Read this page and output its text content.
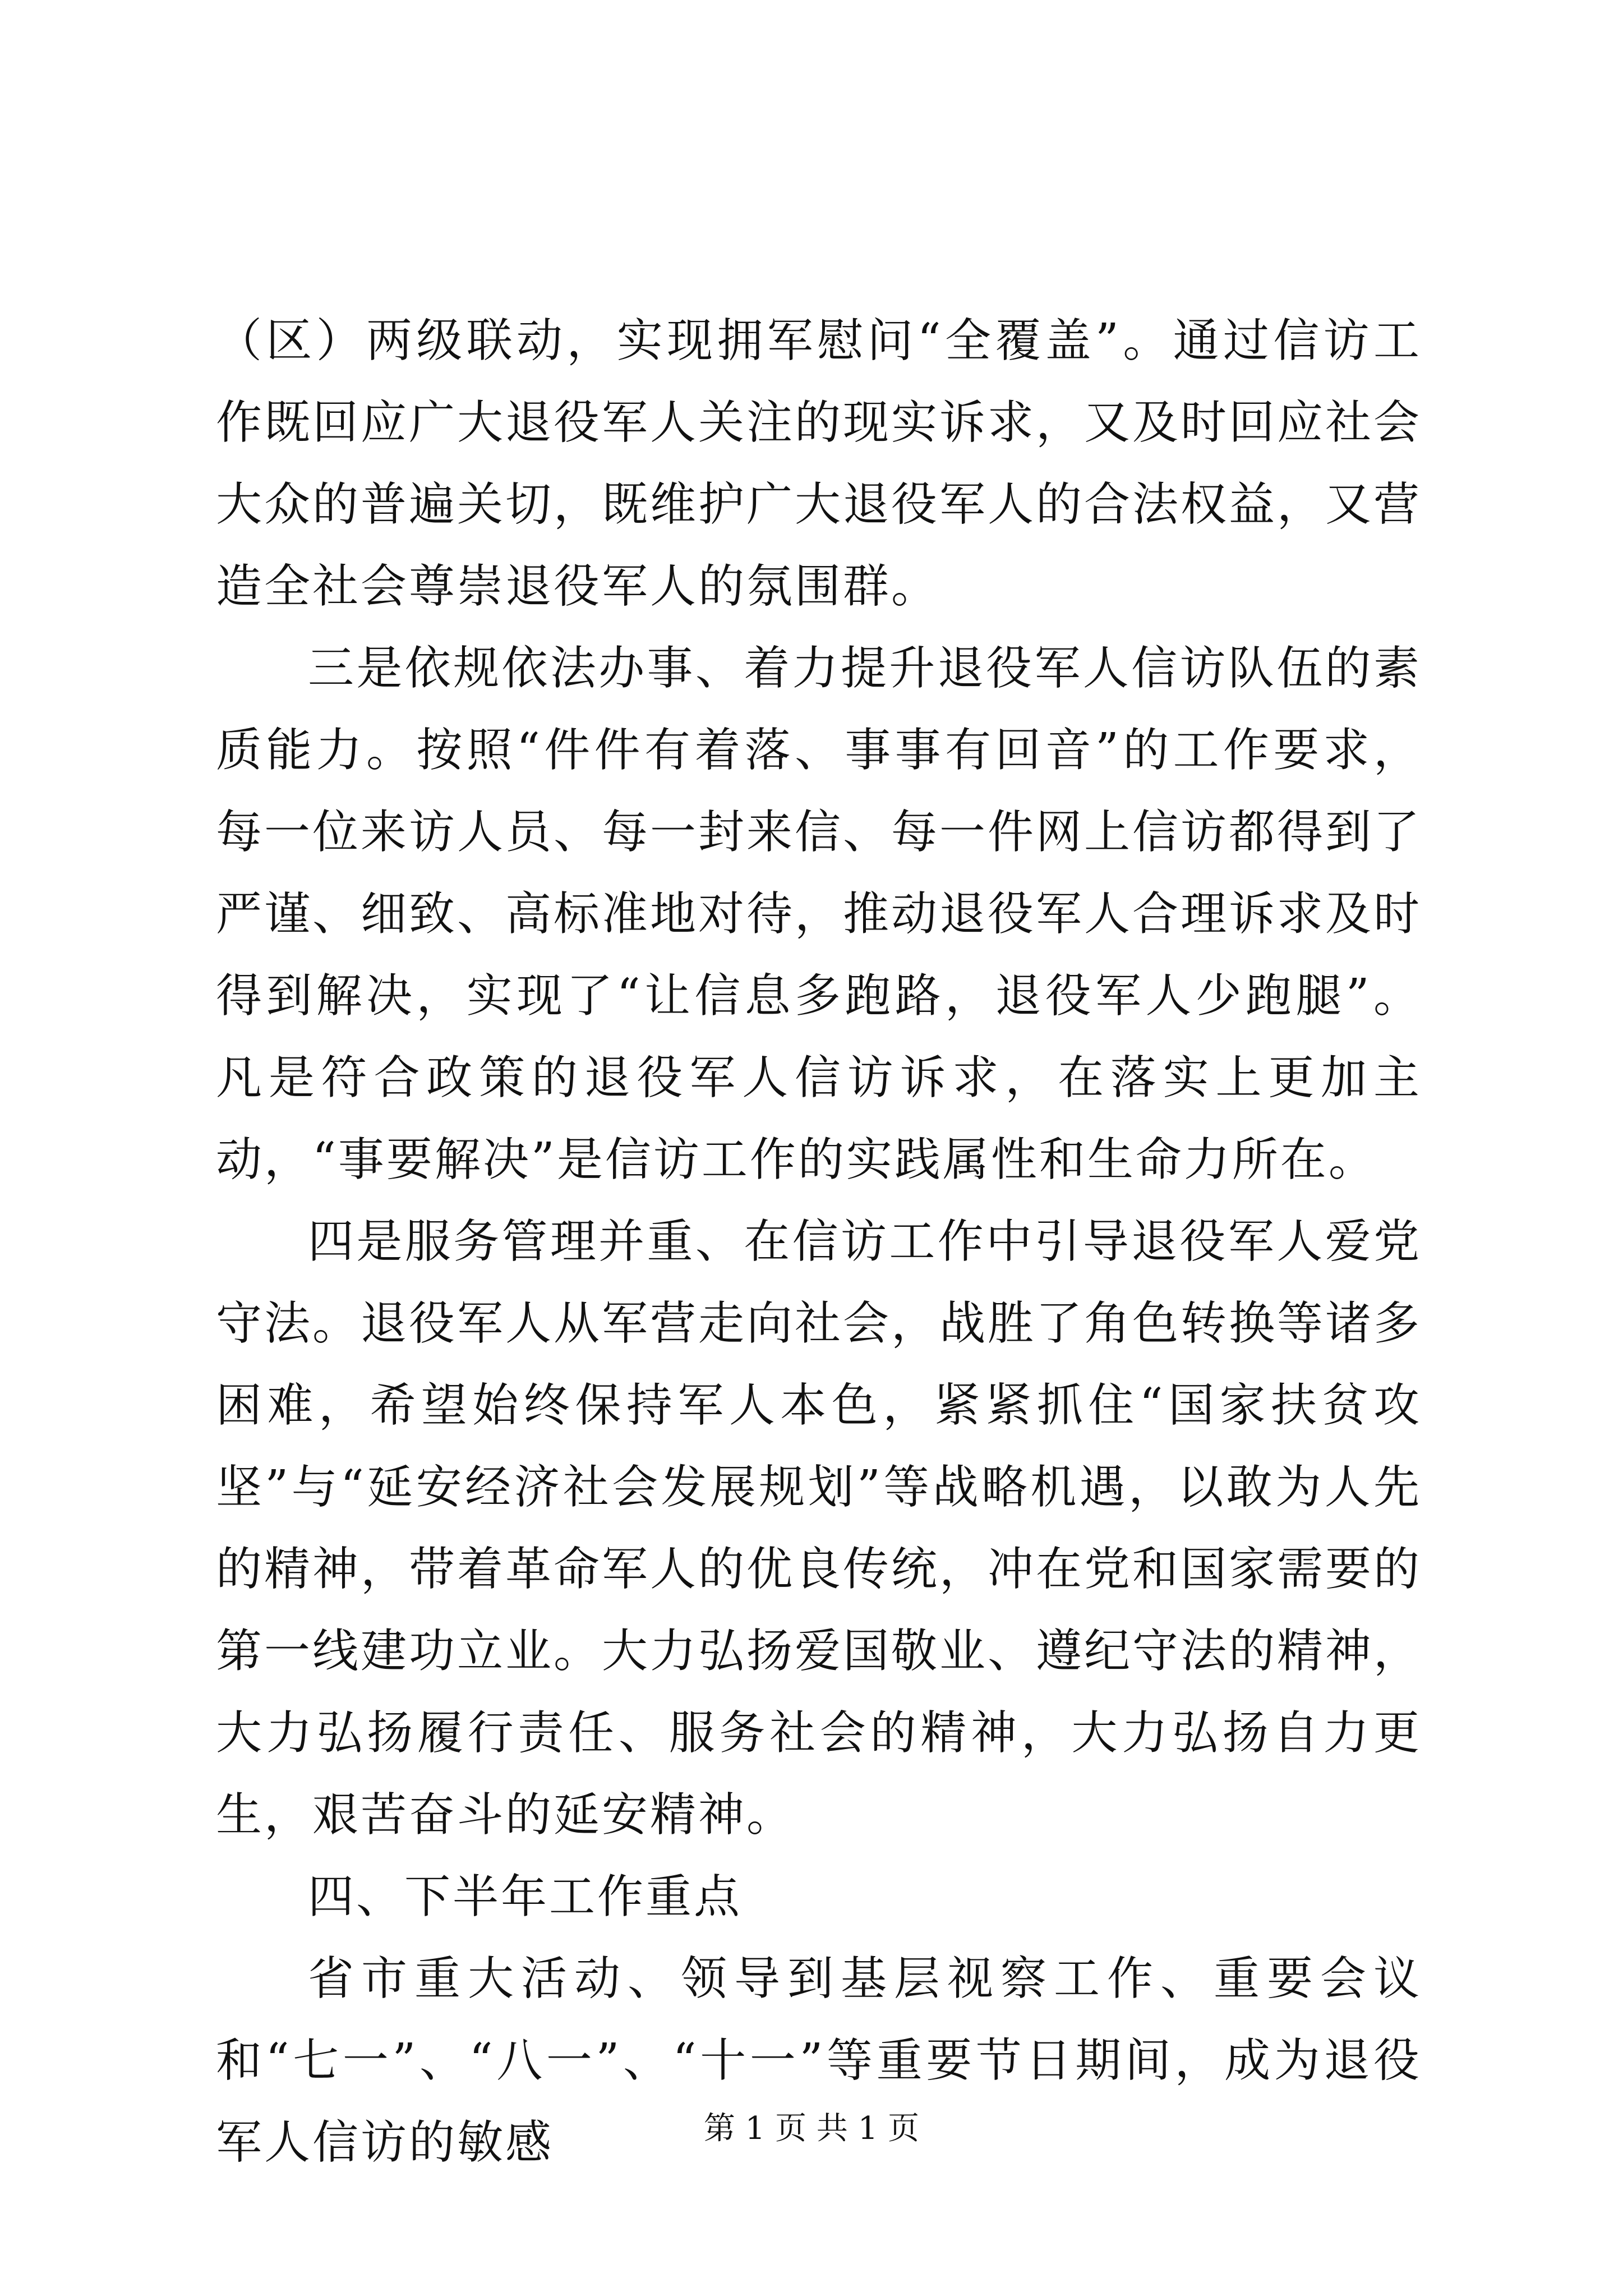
（区）两级联动，实现拥军慰问“全覆盖”。通过信访工作既回应广大退役军人关注的现实诉求，又及时回应社会大众的普遍关切，既维护广大退役军人的合法权益，又营造全社会尊崇退役军人的氛围群。

三是依规依法办事、着力提升退役军人信访队伍的素质能力。按照“件件有着落、事事有回音”的工作要求，每一位来访人员、每一封来信、每一件网上信访都得到了严谨、细致、高标准地对待，推动退役军人合理诉求及时得到解决，实现了“让信息多跑路，退役军人少跑腿”。凡是符合政策的退役军人信访诉求，在落实上更加主动，“事要解决”是信访工作的实践属性和生命力所在。

四是服务管理并重、在信访工作中引导退役军人爱党守法。退役军人从军营走向社会，战胜了角色转换等诸多困难，希望始终保持军人本色，紧紧抓住“国家扶贫攻坚”与“延安经济社会发展规划”等战略机遇，以敢为人先的精神，带着革命军人的优良传统，冲在党和国家需要的第一线建功立业。大力弘扬爱国敬业、遵纪守法的精神，大力弘扬履行责任、服务社会的精神，大力弘扬自力更生，艰苦奋斗的延安精神。

四、下半年工作重点

省市重大活动、领导到基层视察工作、重要会议和“七一”、“八一”、“十一”等重要节日期间，成为退役军人信访的敏感	第 1 页 共 1 页
